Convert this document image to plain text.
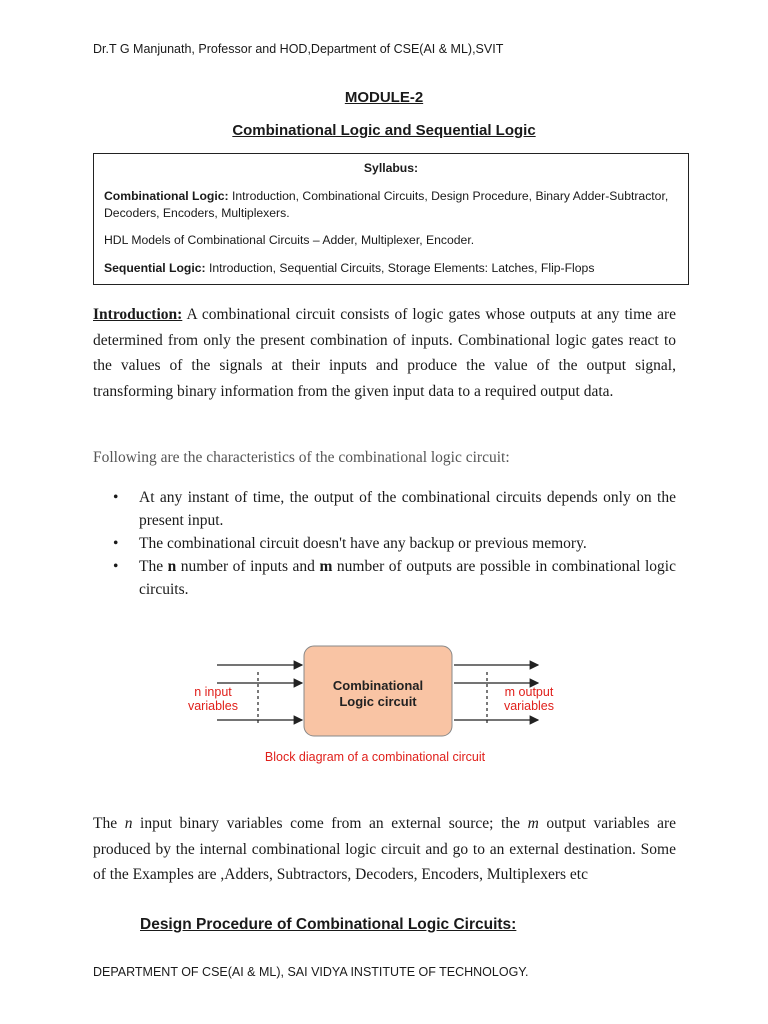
Dr.T G Manjunath, Professor and HOD,Department of CSE(AI & ML),SVIT
MODULE-2
Combinational Logic and Sequential Logic
Syllabus:
Combinational Logic: Introduction, Combinational Circuits, Design Procedure, Binary Adder-Subtractor, Decoders, Encoders, Multiplexers.
HDL Models of Combinational Circuits – Adder, Multiplexer, Encoder.
Sequential Logic: Introduction, Sequential Circuits, Storage Elements: Latches, Flip-Flops
Introduction: A combinational circuit consists of logic gates whose outputs at any time are determined from only the present combination of inputs. Combinational logic gates react to the values of the signals at their inputs and produce the value of the output signal, transforming binary information from the given input data to a required output data.
Following are the characteristics of the combinational logic circuit:
• At any instant of time, the output of the combinational circuits depends only on the present input.
• The combinational circuit doesn't have any backup or previous memory.
• The n number of inputs and m number of outputs are possible in combinational logic circuits.
Combinational
Logic circuit
n input
variables
m output
variables
Block diagram of a combinational circuit
The n input binary variables come from an external source; the m output variables are produced by the internal combinational logic circuit and go to an external destination. Some of the Examples are ,Adders, Subtractors, Decoders, Encoders, Multiplexers etc
Design Procedure of Combinational Logic Circuits:
DEPARTMENT OF CSE(AI & ML), SAI VIDYA INSTITUTE OF TECHNOLOGY.
